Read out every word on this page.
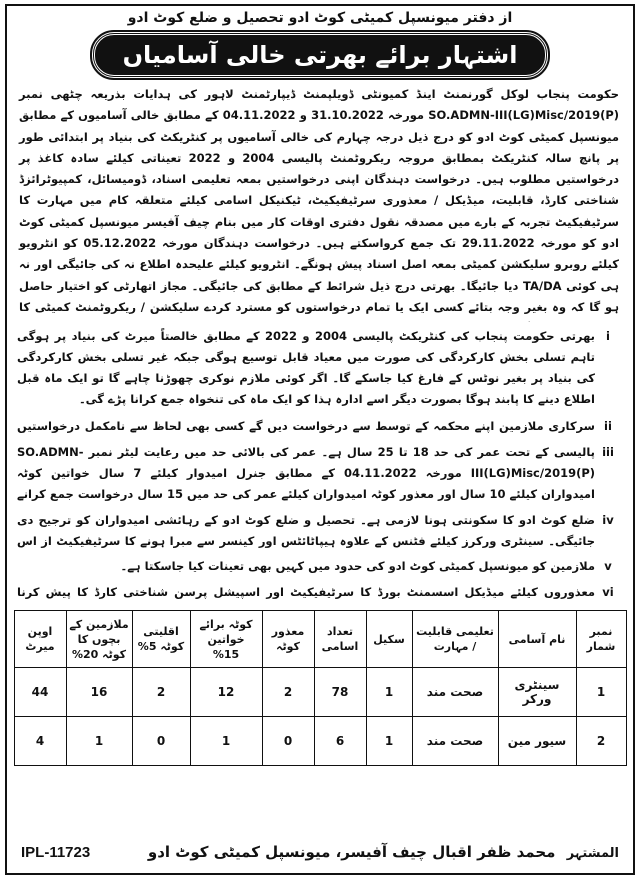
از دفتر میونسپل کمیٹی کوٹ ادو تحصیل و ضلع کوٹ ادو
اشتہار برائے بھرتی خالی آسامیاں
حکومت پنجاب لوکل گورنمنٹ اینڈ کمیونٹی ڈویلپمنٹ ڈیپارٹمنٹ لاہور کی ہدایات بذریعہ چٹھی نمبر SO.ADMN-III(LG)Misc/2019(P) مورخہ 31.10.2022 و 04.11.2022 کے مطابق خالی آسامیوں کے مطابق میونسپل کمیٹی کوٹ ادو کو درج ذیل درجہ چہارم کی خالی آسامیوں پر کنٹریکٹ کی بنیاد پر ابتدائی طور پر پانچ سالہ کنٹریکٹ بمطابق مروجہ ریکروٹمنٹ پالیسی 2004 و 2022 تعیناتی کیلئے سادہ کاغذ پر درخواستیں مطلوب ہیں۔ درخواست دہندگان اپنی درخواستیں بمعہ تعلیمی اسناد، ڈومیسائل، کمپیوٹرائزڈ شناختی کارڈ، قابلیت، میڈیکل / معذوری سرٹیفیکیٹ، ٹیکنیکل اسامی کیلئے متعلقہ کام میں مہارت کا سرٹیفیکیٹ تجربہ کے بارے میں مصدقہ نقول دفتری اوقات کار میں بنام چیف آفیسر میونسپل کمیٹی کوٹ ادو کو مورخہ 29.11.2022 تک جمع کرواسکتے ہیں۔ درخواست دہندگان مورخہ 05.12.2022 کو انٹرویو کیلئے روبرو سلیکشن کمیٹی بمعہ اصل اسناد پیش ہونگے۔ انٹرویو کیلئے علیحدہ اطلاع نہ کی جائیگی اور نہ ہی کوئی TA/DA دیا جائیگا۔ بھرتی درج ذیل شرائط کے مطابق کی جائیگی۔ مجاز اتھارٹی کو اختیار حاصل ہو گا کہ وہ بغیر وجہ بتائے کسی ایک یا تمام درخواستوں کو مسترد کردے سلیکشن / ریکروٹمنٹ کمیٹی کا
i
بھرتی حکومت پنجاب کی کنٹریکٹ پالیسی 2004 و 2022 کے مطابق خالصتاً میرٹ کی بنیاد پر ہوگی تاہم تسلی بخش کارکردگی کی صورت میں معیاد قابل توسیع ہوگی جبکہ غیر تسلی بخش کارکردگی کی بنیاد پر بغیر نوٹس کے فارغ کیا جاسکے گا۔ اگر کوئی ملازم نوکری چھوڑنا چاہے گا تو ایک ماہ قبل اطلاع دینے کا پابند ہوگا بصورت دیگر اسے ادارہ ہذا کو ایک ماہ کی تنخواہ جمع کرانا پڑے گی۔
ii
سرکاری ملازمین اپنے محکمہ کے توسط سے درخواست دیں گے کسی بھی لحاظ سے نامکمل درخواستیں
iii
پالیسی کے تحت عمر کی حد 18 تا 25 سال ہے۔ عمر کی بالائی حد میں رعایت لیٹر نمبر SO.ADMN-III(LG)Misc/2019(P) مورخہ 04.11.2022 کے مطابق جنرل امیدوار کیلئے 7 سال خواتین کوٹہ امیدواران کیلئے 10 سال اور معذور کوٹہ امیدواران کیلئے عمر کی حد میں 15 سال درخواست جمع کرانے
iv
ضلع کوٹ ادو کا سکونتی ہونا لازمی ہے۔ تحصیل و ضلع کوٹ ادو کے رہائشی امیدواران کو ترجیح دی جائیگی۔ سینٹری ورکرز کیلئے فٹنس کے علاوہ ہیپاٹائٹس اور کینسر سے مبرا ہونے کا سرٹیفیکیٹ از اس
v
ملازمین کو میونسپل کمیٹی کوٹ ادو کی حدود میں کہیں بھی تعینات کیا جاسکتا ہے۔
vi
معذوروں کیلئے میڈیکل اسسمنٹ بورڈ کا سرٹیفیکیٹ اور اسپیشل پرسن شناختی کارڈ کا پیش کرنا
نمبر شمار	نام آسامی	تعلیمی قابلیت / مہارت	سکیل	تعداد اسامی	معذور کوٹہ	کوٹہ برائے خواتین 15%	اقلیتی کوٹہ 5%	ملازمین کے بچوں کا کوٹہ 20%	اوپن میرٹ
1	سینٹری ورکر	صحت مند	1	78	2	12	2	16	44
2	سیور مین	صحت مند	1	6	0	1	0	1	4
IPL-11723	المشتہر محمد ظفر اقبال چیف آفیسر، میونسپل کمیٹی کوٹ ادو
